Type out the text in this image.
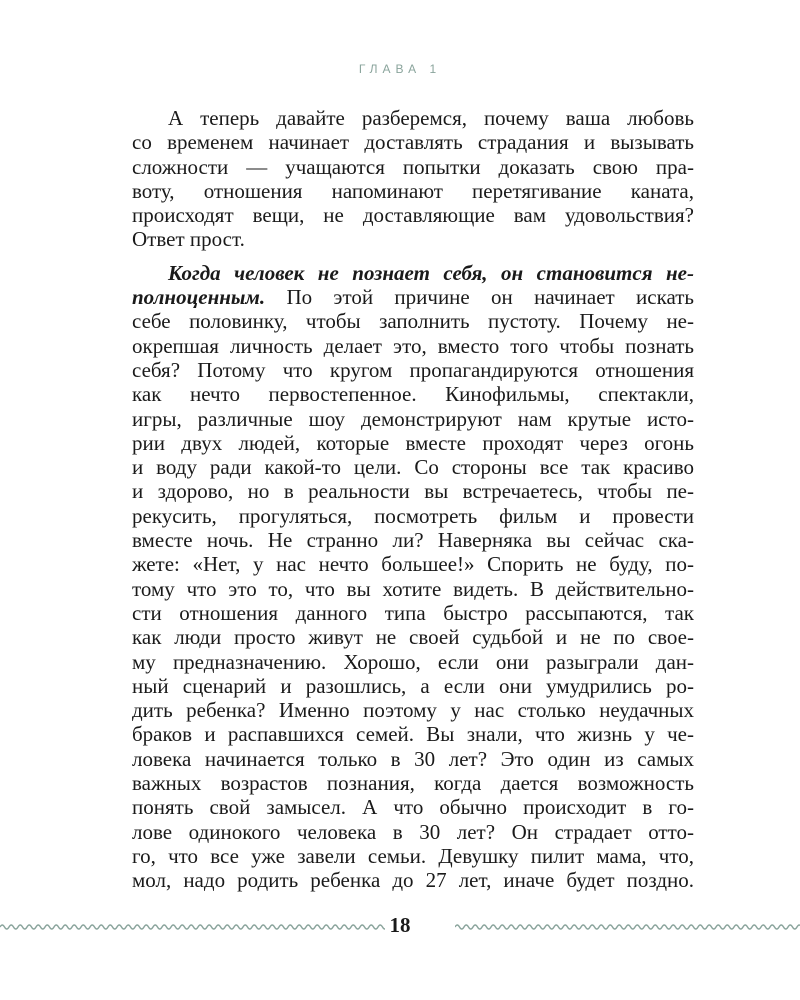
ГЛАВА 1
А теперь давайте разберемся, почему ваша любовь
со временем начинает доставлять страдания и вызывать
сложности — учащаются попытки доказать свою пра-
воту, отношения напоминают перетягивание каната,
происходят вещи, не доставляющие вам удовольствия?
Ответ прост.
Когда человек не познает себя, он становится не-
полноценным. По этой причине он начинает искать
себе половинку, чтобы заполнить пустоту. Почему не-
окрепшая личность делает это, вместо того чтобы познать
себя? Потому что кругом пропагандируются отношения
как нечто первостепенное. Кинофильмы, спектакли,
игры, различные шоу демонстрируют нам крутые исто-
рии двух людей, которые вместе проходят через огонь
и воду ради какой-то цели. Со стороны все так красиво
и здорово, но в реальности вы встречаетесь, чтобы пе-
рекусить, прогуляться, посмотреть фильм и провести
вместе ночь. Не странно ли? Наверняка вы сейчас ска-
жете: «Нет, у нас нечто большее!» Спорить не буду, по-
тому что это то, что вы хотите видеть. В действительно-
сти отношения данного типа быстро рассыпаются, так
как люди просто живут не своей судьбой и не по свое-
му предназначению. Хорошо, если они разыграли дан-
ный сценарий и разошлись, а если они умудрились ро-
дить ребенка? Именно поэтому у нас столько неудачных
браков и распавшихся семей. Вы знали, что жизнь у че-
ловека начинается только в 30 лет? Это один из самых
важных возрастов познания, когда дается возможность
понять свой замысел. А что обычно происходит в го-
лове одинокого человека в 30 лет? Он страдает отто-
го, что все уже завели семьи. Девушку пилит мама, что,
мол, надо родить ребенка до 27 лет, иначе будет поздно.
18
